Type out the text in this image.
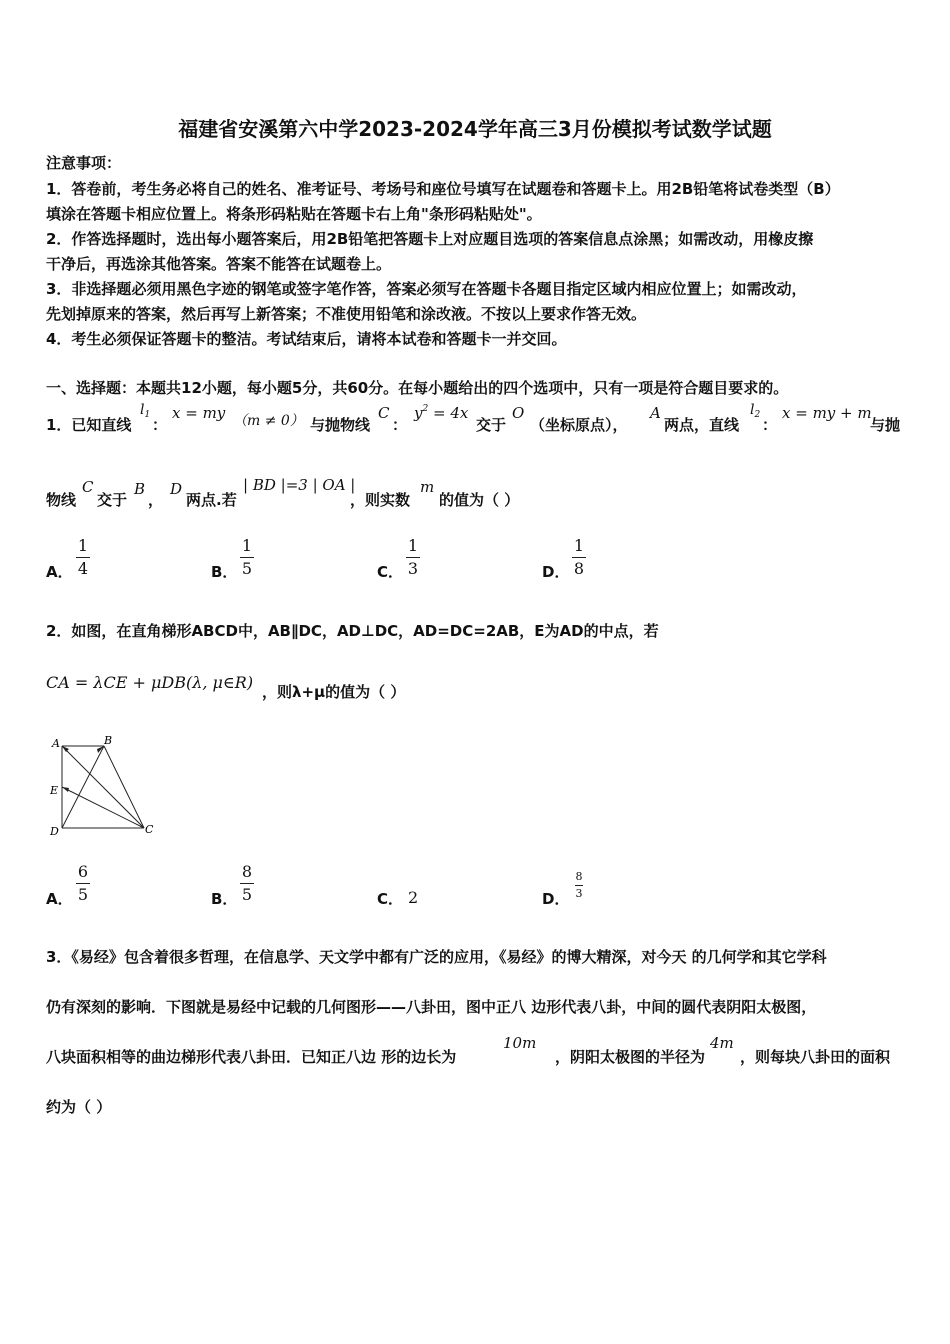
福建省安溪第六中学2023-2024学年高三3月份模拟考试数学试题
注意事项：
1．答卷前，考生务必将自己的姓名、准考证号、考场号和座位号填写在试题卷和答题卡上。用2B铅笔将试卷类型（B）
填涂在答题卡相应位置上。将条形码粘贴在答题卡右上角"条形码粘贴处"。
2．作答选择题时，选出每小题答案后，用2B铅笔把答题卡上对应题目选项的答案信息点涂黑；如需改动，用橡皮擦
干净后，再选涂其他答案。答案不能答在试题卷上。
3．非选择题必须用黑色字迹的钢笔或签字笔作答，答案必须写在答题卡各题目指定区域内相应位置上；如需改动，
先划掉原来的答案，然后再写上新答案；不准使用铅笔和涂改液。不按以上要求作答无效。
4．考生必须保证答题卡的整洁。考试结束后，请将本试卷和答题卡一并交回。
一、选择题：本题共12小题，每小题5分，共60分。在每小题给出的四个选项中，只有一项是符合题目要求的。
1．已知直线
$l_1$
：
x = my （m ≠ 0） 与抛物线
C
：
$y^2 = 4x$
交于
O
（坐标原点），
A
两点，直线
$l_2$
：
x = my + m
与抛
物线
C
交于
B
，
D
两点.若
| BD |=3 | OA |
，则实数
m
的值为（ ）
A．
1
4	B．
1
5	C．
1
3	D．
1
8
2．如图，在直角梯形ABCD中，AB∥DC，AD⊥DC，AD=DC=2AB，E为AD的中点，若
CA = λCE + μDB(λ, μ∈R) ，则λ+μ的值为（ ）
A	B
E
D	C
A．
6
5	B．
8
5	C． 2	D．
8
3
3．《易经》包含着很多哲理，在信息学、天文学中都有广泛的应用，《易经》的博大精深，对今天 的几何学和其它学科
仍有深刻的影响．下图就是易经中记载的几何图形——八卦田，图中正八 边形代表八卦，中间的圆代表阴阳太极图，
八块面积相等的曲边梯形代表八卦田．已知正八边 形的边长为
10m
，阴阳太极图的半径为
4m
，则每块八卦田的面积
约为（ ）
